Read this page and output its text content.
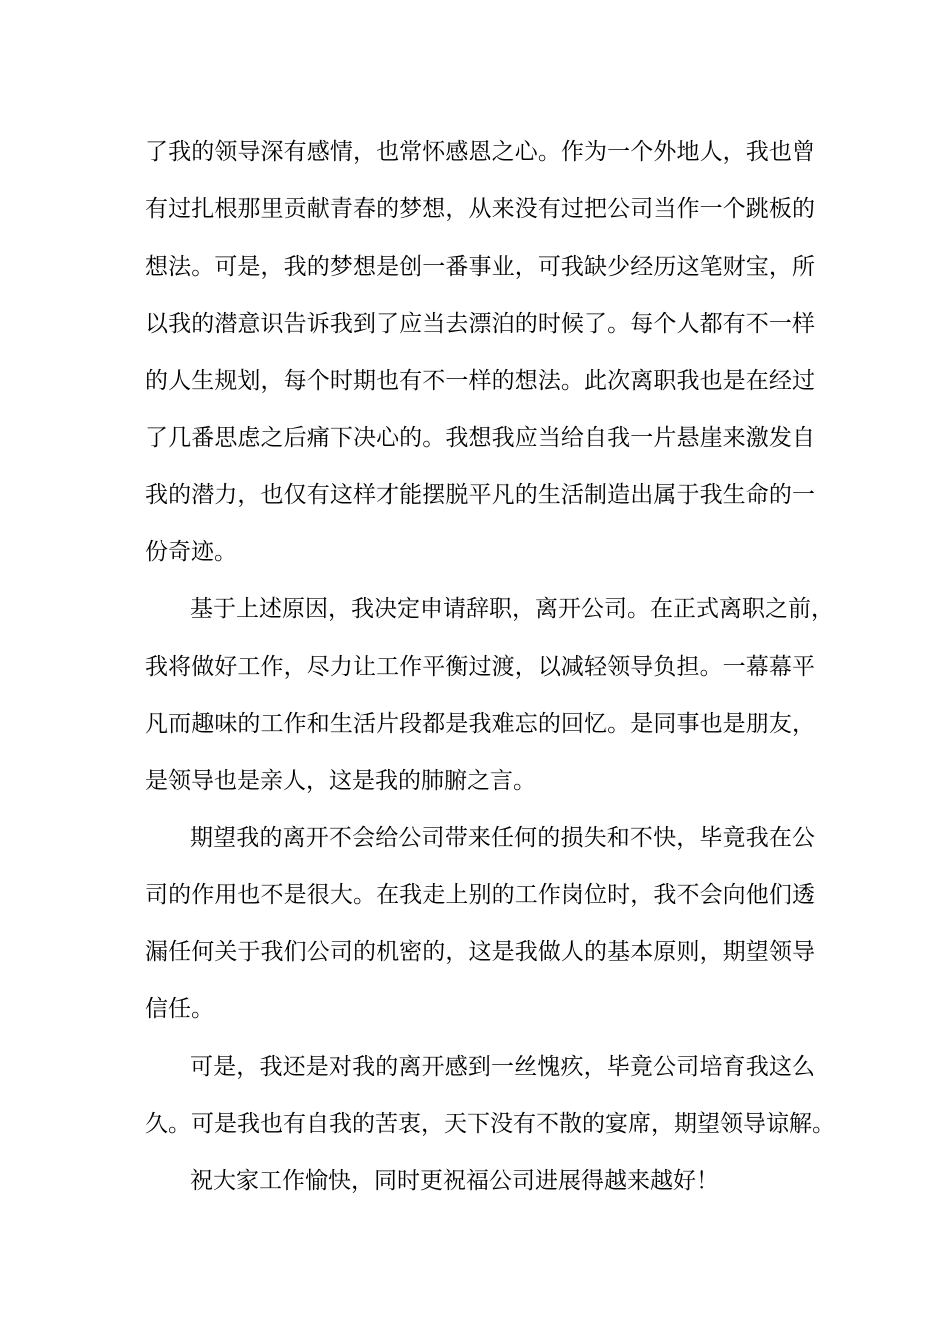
了我的领导深有感情，也常怀感恩之心。作为一个外地人，我也曾
有过扎根那里贡献青春的梦想，从来没有过把公司当作一个跳板的
想法。可是，我的梦想是创一番事业，可我缺少经历这笔财宝，所
以我的潜意识告诉我到了应当去漂泊的时候了。每个人都有不一样
的人生规划，每个时期也有不一样的想法。此次离职我也是在经过
了几番思虑之后痛下决心的。我想我应当给自我一片悬崖来激发自
我的潜力，也仅有这样才能摆脱平凡的生活制造出属于我生命的一
份奇迹。
基于上述原因，我决定申请辞职，离开公司。在正式离职之前，
我将做好工作，尽力让工作平衡过渡，以减轻领导负担。一幕幕平
凡而趣味的工作和生活片段都是我难忘的回忆。是同事也是朋友，
是领导也是亲人，这是我的肺腑之言。
期望我的离开不会给公司带来任何的损失和不快，毕竟我在公
司的作用也不是很大。在我走上别的工作岗位时，我不会向他们透
漏任何关于我们公司的机密的，这是我做人的基本原则，期望领导
信任。
可是，我还是对我的离开感到一丝愧疚，毕竟公司培育我这么
久。可是我也有自我的苦衷，天下没有不散的宴席，期望领导谅解。
祝大家工作愉快，同时更祝福公司进展得越来越好！
